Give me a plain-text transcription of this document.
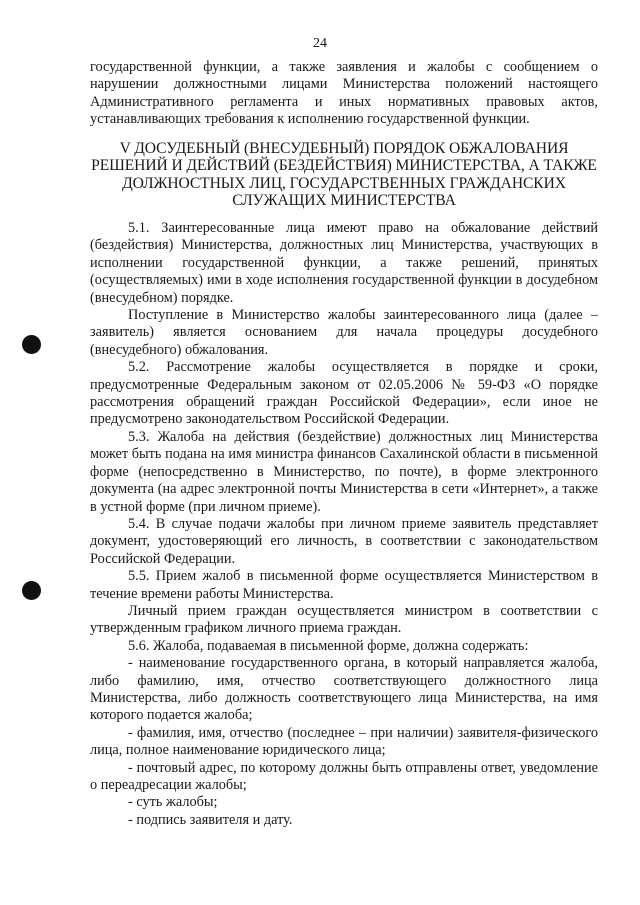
24

государственной функции, а также заявления и жалобы с сообщением о нарушении должностными лицами Министерства положений настоящего Административного регламента и иных нормативных правовых актов, устанавливающих требования к исполнению государственной функции.

V ДОСУДЕБНЫЙ (ВНЕСУДЕБНЫЙ) ПОРЯДОК ОБЖАЛОВАНИЯ РЕШЕНИЙ И ДЕЙСТВИЙ (БЕЗДЕЙСТВИЯ) МИНИСТЕРСТВА, А ТАКЖЕ ДОЛЖНОСТНЫХ ЛИЦ, ГОСУДАРСТВЕННЫХ ГРАЖДАНСКИХ СЛУЖАЩИХ МИНИСТЕРСТВА

5.1. Заинтересованные лица имеют право на обжалование действий (бездействия) Министерства, должностных лиц Министерства, участвующих в исполнении государственной функции, а также решений, принятых (осуществляемых) ими в ходе исполнения государственной функции в досудебном (внесудебном) порядке.

Поступление в Министерство жалобы заинтересованного лица (далее – заявитель) является основанием для начала процедуры досудебного (внесудебного) обжалования.

5.2. Рассмотрение жалобы осуществляется в порядке и сроки, предусмотренные Федеральным законом от 02.05.2006 № 59-ФЗ «О порядке рассмотрения обращений граждан Российской Федерации», если иное не предусмотрено законодательством Российской Федерации.

5.3. Жалоба на действия (бездействие) должностных лиц Министерства может быть подана на имя министра финансов Сахалинской области в письменной форме (непосредственно в Министерство, по почте), в форме электронного документа (на адрес электронной почты Министерства в сети «Интернет», а также в устной форме (при личном приеме).

5.4. В случае подачи жалобы при личном приеме заявитель представляет документ, удостоверяющий его личность, в соответствии с законодательством Российской Федерации.

5.5. Прием жалоб в письменной форме осуществляется Министерством в течение времени работы Министерства.

Личный прием граждан осуществляется министром в соответствии с утвержденным графиком личного приема граждан.

5.6. Жалоба, подаваемая в письменной форме, должна содержать:

- наименование государственного органа, в который направляется жалоба, либо фамилию, имя, отчество соответствующего должностного лица Министерства, либо должность соответствующего лица Министерства, на имя которого подается жалоба;

- фамилия, имя, отчество (последнее – при наличии) заявителя-физического лица, полное наименование юридического лица;

- почтовый адрес, по которому должны быть отправлены ответ, уведомление о переадресации жалобы;

- суть жалобы;

- подпись заявителя и дату.
